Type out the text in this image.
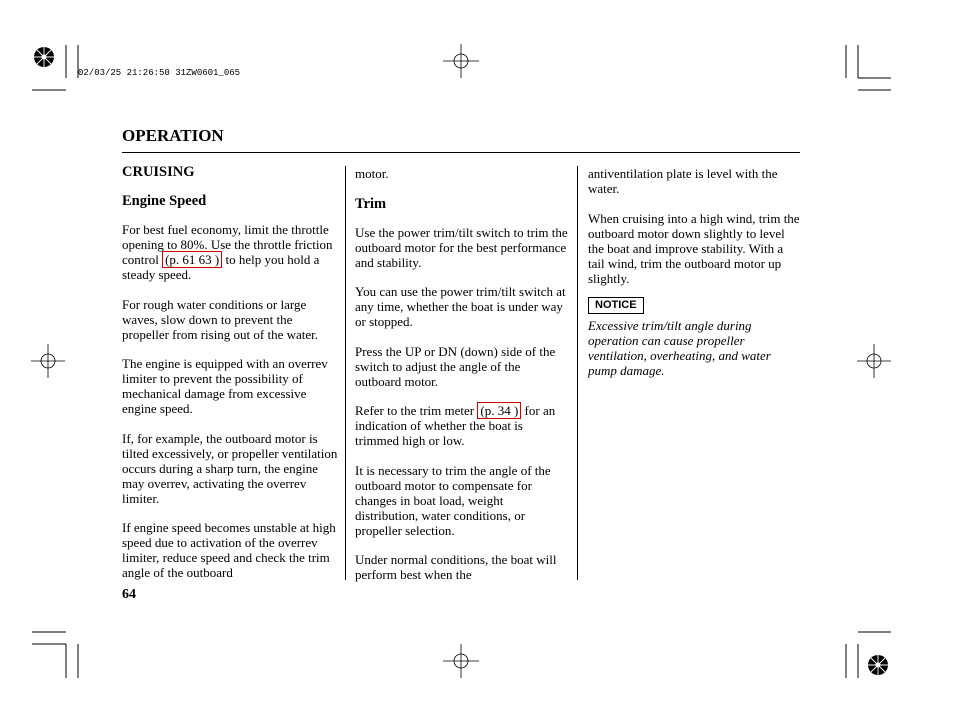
02/03/25 21:26:50 31ZW0601_065
OPERATION

CRUISING

Engine Speed

For best fuel economy, limit the throttle opening to 80%. Use the throttle friction control (p. 61 63 ) to help you hold a steady speed.

For rough water conditions or large waves, slow down to prevent the propeller from rising out of the water.

The engine is equipped with an overrev limiter to prevent the possibility of mechanical damage from excessive engine speed.

If, for example, the outboard motor is tilted excessively, or propeller ventilation occurs during a sharp turn, the engine may overrev, activating the overrev limiter.

If engine speed becomes unstable at high speed due to activation of the overrev limiter, reduce speed and check the trim angle of the outboard

motor.

Trim

Use the power trim/tilt switch to trim the outboard motor for the best performance and stability.

You can use the power trim/tilt switch at any time, whether the boat is under way or stopped.

Press the UP or DN (down) side of the switch to adjust the angle of the outboard motor.

Refer to the trim meter (p. 34 ) for an indication of whether the boat is trimmed high or low.

It is necessary to trim the angle of the outboard motor to compensate for changes in boat load, weight distribution, water conditions, or propeller selection.

Under normal conditions, the boat will perform best when the

antiventilation plate is level with the water.

When cruising into a high wind, trim the outboard motor down slightly to level the boat and improve stability. With a tail wind, trim the outboard motor up slightly.

NOTICE

Excessive trim/tilt angle during operation can cause propeller ventilation, overheating, and water pump damage.

64
